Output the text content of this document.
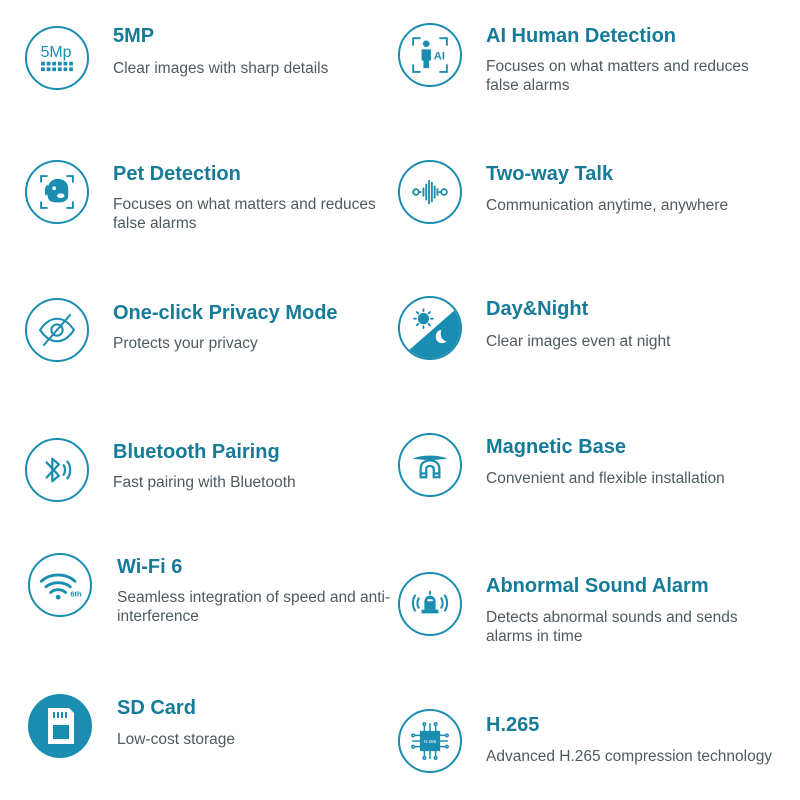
5Mp
5MP
Clear images with sharp details
AI
AI Human Detection
Focuses on what matters and reduces false alarms
Pet Detection
Focuses on what matters and reduces false alarms
Two-way Talk
Communication anytime, anywhere
One-click Privacy Mode
Protects your privacy
Day&Night
Clear images even at night
Bluetooth Pairing
Fast pairing with Bluetooth
Magnetic Base
Convenient and flexible installation
6th
Wi-Fi 6
Seamless integration of speed and anti-interference
Abnormal Sound Alarm
Detects abnormal sounds and sends alarms in time
SD Card
Low-cost storage	H.265
H.265
Advanced H.265 compression technology
